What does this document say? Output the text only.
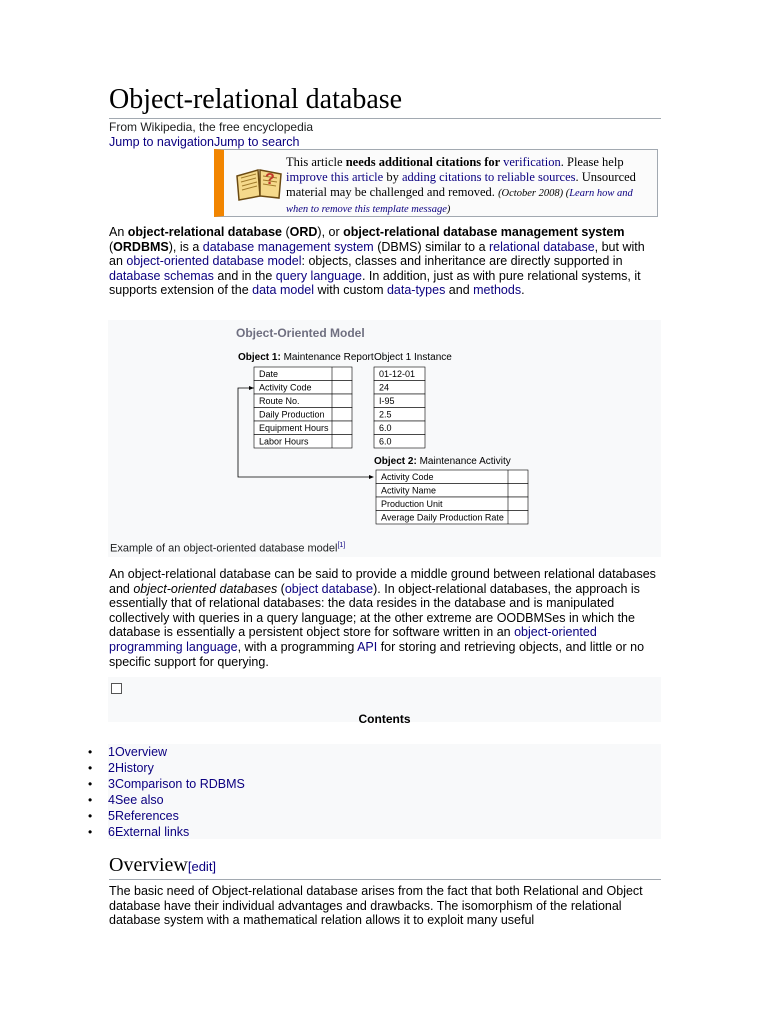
Object-relational database
From Wikipedia, the free encyclopedia
Jump to navigationJump to search
?
This article needs additional citations for verification. Please help improve this article by adding citations to reliable sources. Unsourced material may be challenged and removed. (October 2008) (Learn how and when to remove this template message)
An object-relational database (ORD), or object-relational database management system (ORDBMS), is a database management system (DBMS) similar to a relational database, but with an object-oriented database model: objects, classes and inheritance are directly supported in database schemas and in the query language. In addition, just as with pure relational systems, it supports extension of the data model with custom data-types and methods.
Object-Oriented Model
Object 1: Maintenance Report Object 1 Instance
Date
Activity Code
Route No.
Daily Production
Equipment Hours
Labor Hours
01-12-01
24
I-95
2.5
6.0
6.0
Object 2: Maintenance Activity
Activity Code
Activity Name
Production Unit
Average Daily Production Rate
Example of an object-oriented database model[1]
An object-relational database can be said to provide a middle ground between relational databases and object-oriented databases (object database). In object-relational databases, the approach is essentially that of relational databases: the data resides in the database and is manipulated collectively with queries in a query language; at the other extreme are OODBMSes in which the database is essentially a persistent object store for software written in an object-oriented programming language, with a programming API for storing and retrieving objects, and little or no specific support for querying.
Contents
• 1Overview
• 2History
• 3Comparison to RDBMS
• 4See also
• 5References
• 6External links
Overview[edit]
The basic need of Object-relational database arises from the fact that both Relational and Object database have their individual advantages and drawbacks. The isomorphism of the relational database system with a mathematical relation allows it to exploit many useful
